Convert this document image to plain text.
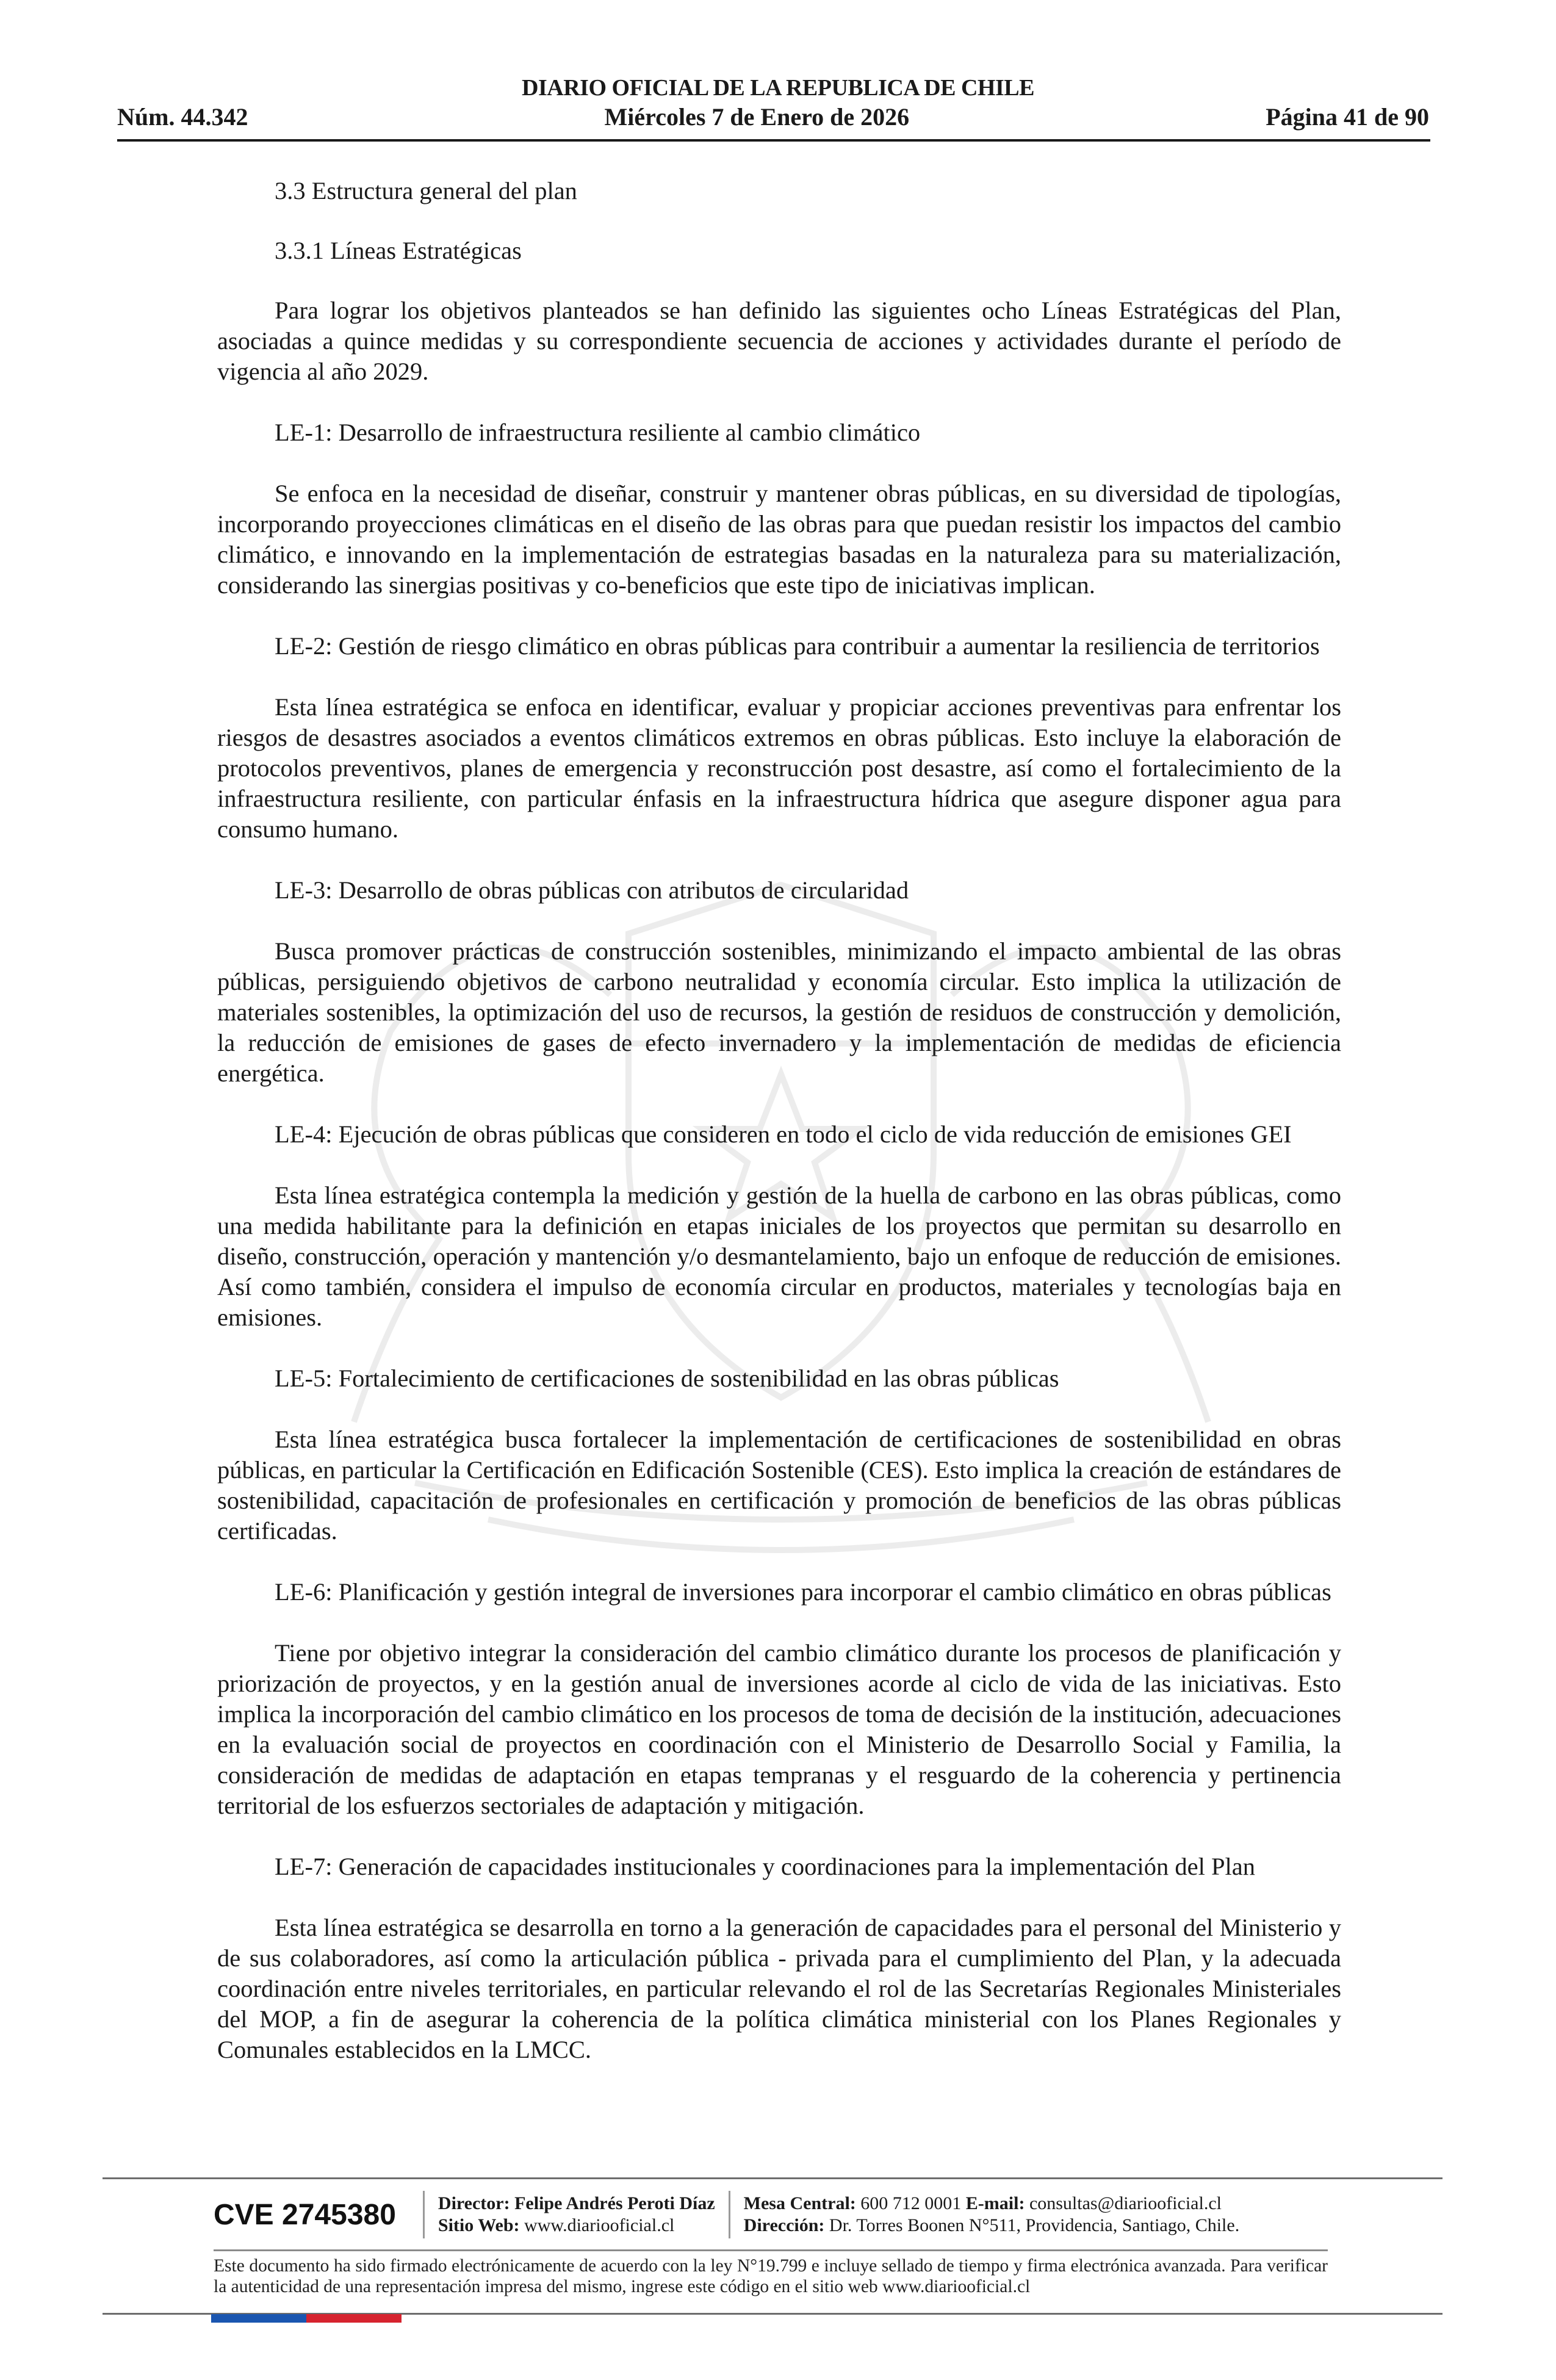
DIARIO OFICIAL DE LA REPUBLICA DE CHILE
Núm. 44.342	Miércoles 7 de Enero de 2026	Página 41 de 90

3.3 Estructura general del plan

3.3.1 Líneas Estratégicas

Para lograr los objetivos planteados se han definido las siguientes ocho Líneas Estratégicas del Plan, asociadas a quince medidas y su correspondiente secuencia de acciones y actividades durante el período de vigencia al año 2029.

LE-1: Desarrollo de infraestructura resiliente al cambio climático

Se enfoca en la necesidad de diseñar, construir y mantener obras públicas, en su diversidad de tipologías, incorporando proyecciones climáticas en el diseño de las obras para que puedan resistir los impactos del cambio climático, e innovando en la implementación de estrategias basadas en la naturaleza para su materialización, considerando las sinergias positivas y co-beneficios que este tipo de iniciativas implican.

LE-2: Gestión de riesgo climático en obras públicas para contribuir a aumentar la resiliencia de territorios

Esta línea estratégica se enfoca en identificar, evaluar y propiciar acciones preventivas para enfrentar los riesgos de desastres asociados a eventos climáticos extremos en obras públicas. Esto incluye la elaboración de protocolos preventivos, planes de emergencia y reconstrucción post desastre, así como el fortalecimiento de la infraestructura resiliente, con particular énfasis en la infraestructura hídrica que asegure disponer agua para consumo humano.

LE-3: Desarrollo de obras públicas con atributos de circularidad

Busca promover prácticas de construcción sostenibles, minimizando el impacto ambiental de las obras públicas, persiguiendo objetivos de carbono neutralidad y economía circular. Esto implica la utilización de materiales sostenibles, la optimización del uso de recursos, la gestión de residuos de construcción y demolición, la reducción de emisiones de gases de efecto invernadero y la implementación de medidas de eficiencia energética.

LE-4: Ejecución de obras públicas que consideren en todo el ciclo de vida reducción de emisiones GEI

Esta línea estratégica contempla la medición y gestión de la huella de carbono en las obras públicas, como una medida habilitante para la definición en etapas iniciales de los proyectos que permitan su desarrollo en diseño, construcción, operación y mantención y/o desmantelamiento, bajo un enfoque de reducción de emisiones. Así como también, considera el impulso de economía circular en productos, materiales y tecnologías baja en emisiones.

LE-5: Fortalecimiento de certificaciones de sostenibilidad en las obras públicas

Esta línea estratégica busca fortalecer la implementación de certificaciones de sostenibilidad en obras públicas, en particular la Certificación en Edificación Sostenible (CES). Esto implica la creación de estándares de sostenibilidad, capacitación de profesionales en certificación y promoción de beneficios de las obras públicas certificadas.

LE-6: Planificación y gestión integral de inversiones para incorporar el cambio climático en obras públicas

Tiene por objetivo integrar la consideración del cambio climático durante los procesos de planificación y priorización de proyectos, y en la gestión anual de inversiones acorde al ciclo de vida de las iniciativas. Esto implica la incorporación del cambio climático en los procesos de toma de decisión de la institución, adecuaciones en la evaluación social de proyectos en coordinación con el Ministerio de Desarrollo Social y Familia, la consideración de medidas de adaptación en etapas tempranas y el resguardo de la coherencia y pertinencia territorial de los esfuerzos sectoriales de adaptación y mitigación.

LE-7: Generación de capacidades institucionales y coordinaciones para la implementación del Plan

Esta línea estratégica se desarrolla en torno a la generación de capacidades para el personal del Ministerio y de sus colaboradores, así como la articulación pública - privada para el cumplimiento del Plan, y la adecuada coordinación entre niveles territoriales, en particular relevando el rol de las Secretarías Regionales Ministeriales del MOP, a fin de asegurar la coherencia de la política climática ministerial con los Planes Regionales y Comunales establecidos en la LMCC.

CVE 2745380	Director: Felipe Andrés Peroti Díaz
Sitio Web: www.diariooficial.cl
Mesa Central: 600 712 0001 E-mail: consultas@diariooficial.cl
Dirección: Dr. Torres Boonen N°511, Providencia, Santiago, Chile.
Este documento ha sido firmado electrónicamente de acuerdo con la ley N°19.799 e incluye sellado de tiempo y firma electrónica avanzada. Para verificar la autenticidad de una representación impresa del mismo, ingrese este código en el sitio web www.diariooficial.cl
